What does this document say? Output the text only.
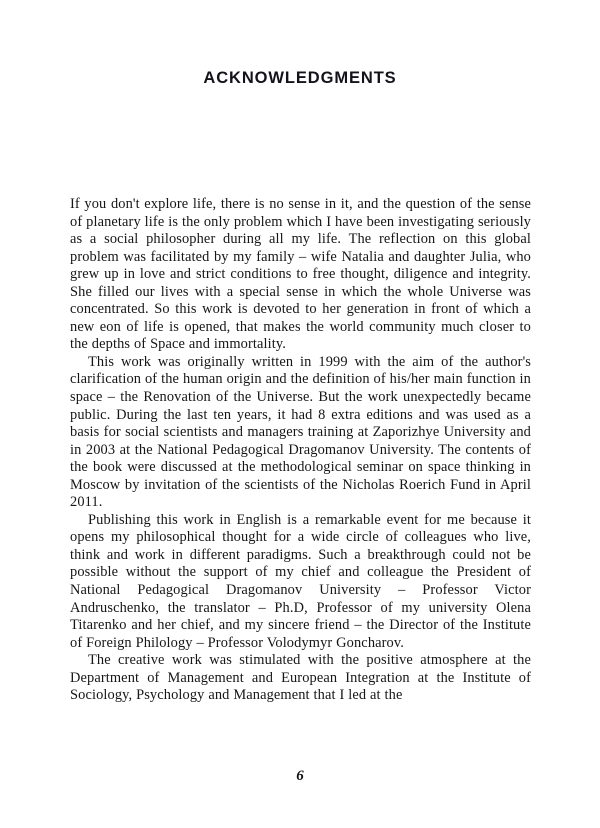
ACKNOWLEDGMENTS

If you don't explore life, there is no sense in it, and the question of the sense of planetary life is the only problem which I have been investigating seriously as a social philosopher during all my life. The reflection on this global problem was facilitated by my family – wife Natalia and daughter Julia, who grew up in love and strict conditions to free thought, diligence and integrity. She filled our lives with a special sense in which the whole Universe was concentrated. So this work is devoted to her generation in front of which a new eon of life is opened, that makes the world community much closer to the depths of Space and immortality.

This work was originally written in 1999 with the aim of the author's clarification of the human origin and the definition of his/her main function in space – the Renovation of the Universe. But the work unexpectedly became public. During the last ten years, it had 8 extra editions and was used as a basis for social scientists and managers training at Zaporizhye University and in 2003 at the National Pedagogical Dragomanov University. The contents of the book were discussed at the methodological seminar on space thinking in Moscow by invitation of the scientists of the Nicholas Roerich Fund in April 2011.

Publishing this work in English is a remarkable event for me because it opens my philosophical thought for a wide circle of colleagues who live, think and work in different paradigms. Such a breakthrough could not be possible without the support of my chief and colleague the President of National Pedagogical Dragomanov University – Professor Victor Andruschenko, the translator – Ph.D, Professor of my university Olena Titarenko and her chief, and my sincere friend – the Director of the Institute of Foreign Philology – Professor Volodymyr Goncharov.

The creative work was stimulated with the positive atmosphere at the Department of Management and European Integration at the Institute of Sociology, Psychology and Management that I led at the

6
